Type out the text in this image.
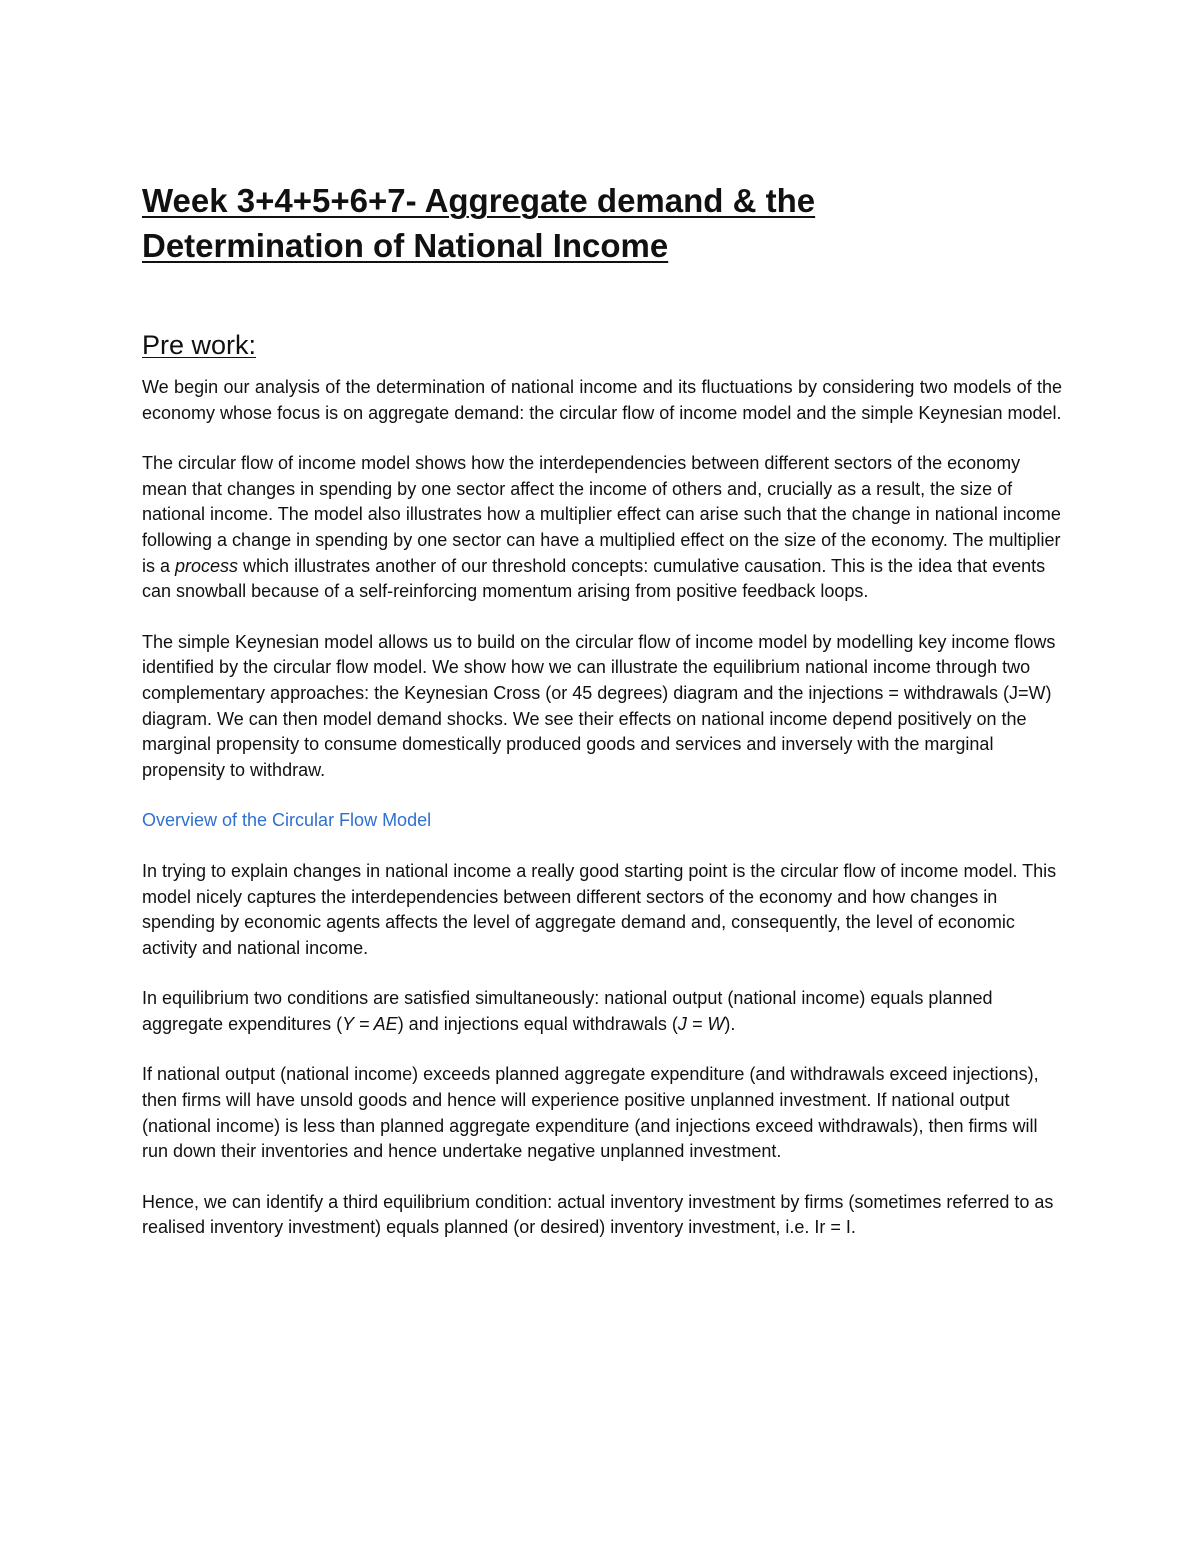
Week 3+4+5+6+7- Aggregate demand & the
Determination of National Income
Pre work:

We begin our analysis of the determination of national income and its fluctuations by considering two models of the economy whose focus is on aggregate demand: the circular flow of income model and the simple Keynesian model.

The circular flow of income model shows how the interdependencies between different sectors of the economy mean that changes in spending by one sector affect the income of others and, crucially as a result, the size of national income. The model also illustrates how a multiplier effect can arise such that the change in national income following a change in spending by one sector can have a multiplied effect on the size of the economy. The multiplier is a process which illustrates another of our threshold concepts: cumulative causation. This is the idea that events can snowball because of a self-reinforcing momentum arising from positive feedback loops.

The simple Keynesian model allows us to build on the circular flow of income model by modelling key income flows identified by the circular flow model. We show how we can illustrate the equilibrium national income through two complementary approaches: the Keynesian Cross (or 45 degrees) diagram and the injections = withdrawals (J=W) diagram. We can then model demand shocks. We see their effects on national income depend positively on the marginal propensity to consume domestically produced goods and services and inversely with the marginal propensity to withdraw.

Overview of the Circular Flow Model

In trying to explain changes in national income a really good starting point is the circular flow of income model. This model nicely captures the interdependencies between different sectors of the economy and how changes in spending by economic agents affects the level of aggregate demand and, consequently, the level of economic activity and national income.

In equilibrium two conditions are satisfied simultaneously: national output (national income) equals planned aggregate expenditures (Y = AE) and injections equal withdrawals (J = W).

If national output (national income) exceeds planned aggregate expenditure (and withdrawals exceed injections), then firms will have unsold goods and hence will experience positive unplanned investment. If national output (national income) is less than planned aggregate expenditure (and injections exceed withdrawals), then firms will run down their inventories and hence undertake negative unplanned investment.

Hence, we can identify a third equilibrium condition: actual inventory investment by firms (sometimes referred to as realised inventory investment) equals planned (or desired) inventory investment, i.e. Ir = I.
